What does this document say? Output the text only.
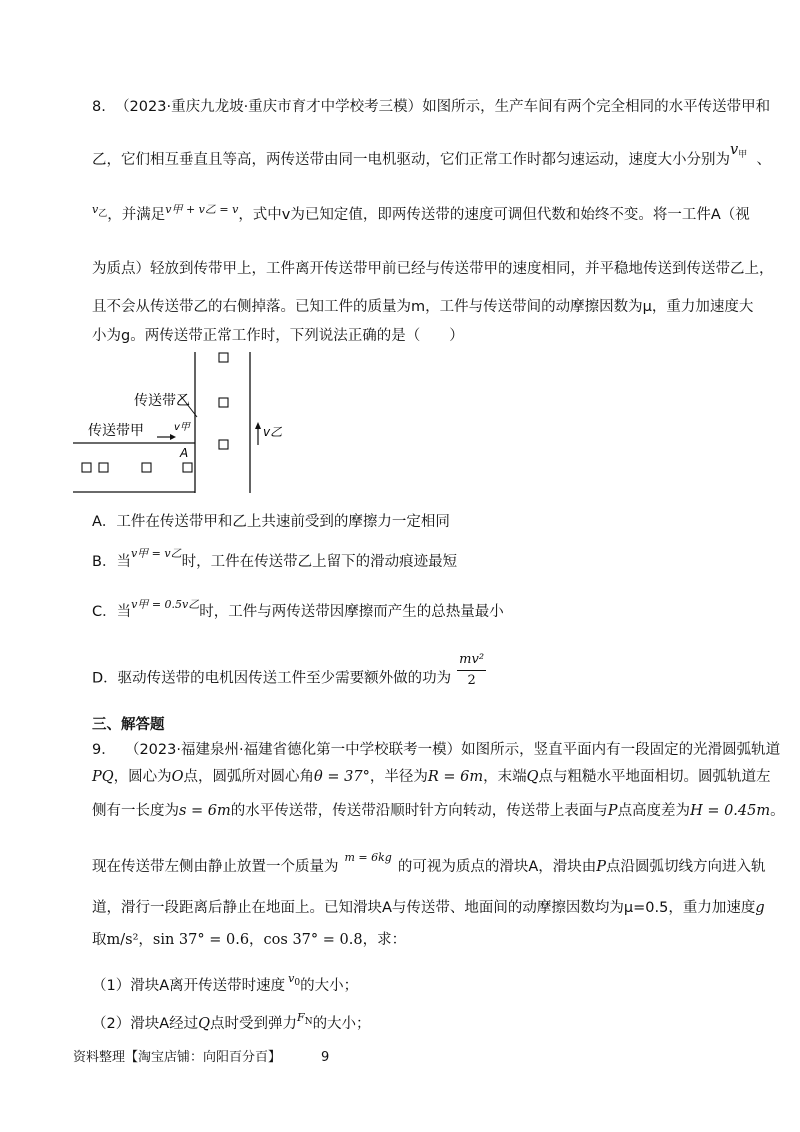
8. （2023·重庆九龙坡·重庆市育才中学校考三模）如图所示，生产车间有两个完全相同的水平传送带甲和
乙，它们相互垂直且等高，两传送带由同一电机驱动，它们正常工作时都匀速运动，速度大小分别为$v_甲$ 、
$^{v_乙}$，并满足$^{v甲 + v乙 = v}$，式中v为已知定值，即两传送带的速度可调但代数和始终不变。将一工件A（视
为质点）轻放到传带甲上，工件离开传送带甲前已经与传送带甲的速度相同，并平稳地传送到传送带乙上，
且不会从传送带乙的右侧掉落。已知工件的质量为m，工件与传送带间的动摩擦因数为μ，重力加速度大
小为g。两传送带正常工作时，下列说法正确的是（　　）
传送带乙
传送带甲	v甲	v乙
A
A．工件在传送带甲和乙上共速前受到的摩擦力一定相同
B．当$^{v甲 = v乙}$时，工件在传送带乙上留下的滑动痕迹最短
C．当$^{v甲 = 0.5v乙}$时，工件与两传送带因摩擦而产生的总热量最小
D．驱动传送带的电机因传送工件至少需要额外做的功为 $\frac{\text{mv²}}{2}$
三、解答题
9． （2023·福建泉州·福建省德化第一中学校联考一模）如图所示，竖直平面内有一段固定的光滑圆弧轨道
PQ，圆心为O点，圆弧所对圆心角θ = 37°，半径为R = 6m，末端Q点与粗糙水平地面相切。圆弧轨道左
侧有一长度为s = 6m的水平传送带，传送带沿顺时针方向转动，传送带上表面与P点高度差为H = 0.45m。
现在传送带左侧由静止放置一个质量为$^{m = 6kg}$的可视为质点的滑块A，滑块由P点沿圆弧切线方向进入轨
道，滑行一段距离后静止在地面上。已知滑块A与传送带、地面间的动摩擦因数均为μ=0.5，重力加速度g
取m/s²，sin 37° = 0.6，cos 37° = 0.8，求：
（1）滑块A离开传送带时速度 $^{v_0}$的大小；
（2）滑块A经过Q点时受到弹力$^{F_N}$的大小；
资料整理【淘宝店铺：向阳百分百】	9
